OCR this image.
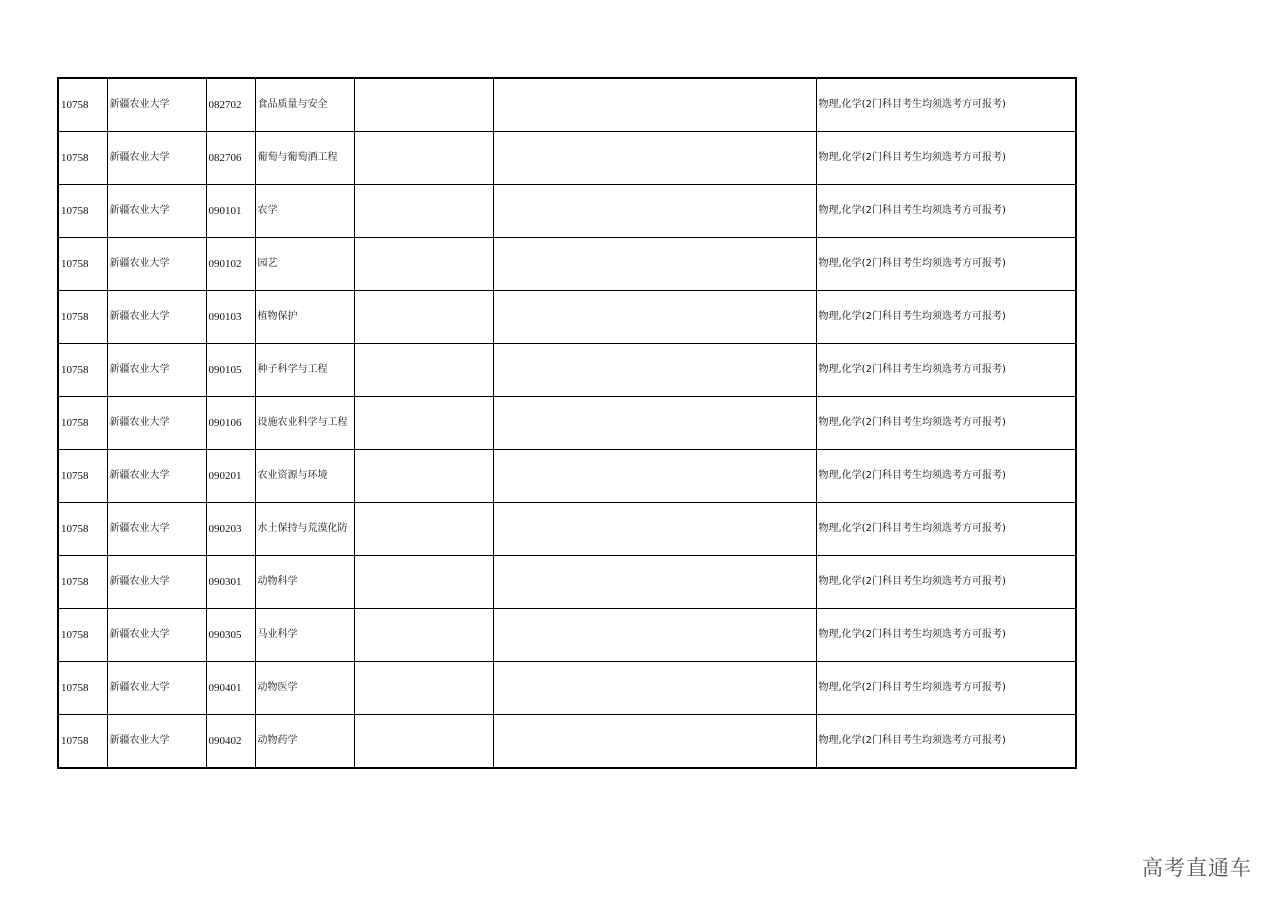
10758	新疆农业大学	082702	食品质量与安全			物理,化学(2门科目考生均须选考方可报考)
10758	新疆农业大学	082706	葡萄与葡萄酒工程			物理,化学(2门科目考生均须选考方可报考)
10758	新疆农业大学	090101	农学			物理,化学(2门科目考生均须选考方可报考)
10758	新疆农业大学	090102	园艺			物理,化学(2门科目考生均须选考方可报考)
10758	新疆农业大学	090103	植物保护			物理,化学(2门科目考生均须选考方可报考)
10758	新疆农业大学	090105	种子科学与工程			物理,化学(2门科目考生均须选考方可报考)
10758	新疆农业大学	090106	设施农业科学与工程			物理,化学(2门科目考生均须选考方可报考)
10758	新疆农业大学	090201	农业资源与环境			物理,化学(2门科目考生均须选考方可报考)
10758	新疆农业大学	090203	水土保持与荒漠化防			物理,化学(2门科目考生均须选考方可报考)
10758	新疆农业大学	090301	动物科学			物理,化学(2门科目考生均须选考方可报考)
10758	新疆农业大学	090305	马业科学			物理,化学(2门科目考生均须选考方可报考)
10758	新疆农业大学	090401	动物医学			物理,化学(2门科目考生均须选考方可报考)
10758	新疆农业大学	090402	动物药学			物理,化学(2门科目考生均须选考方可报考)
高考直通车
